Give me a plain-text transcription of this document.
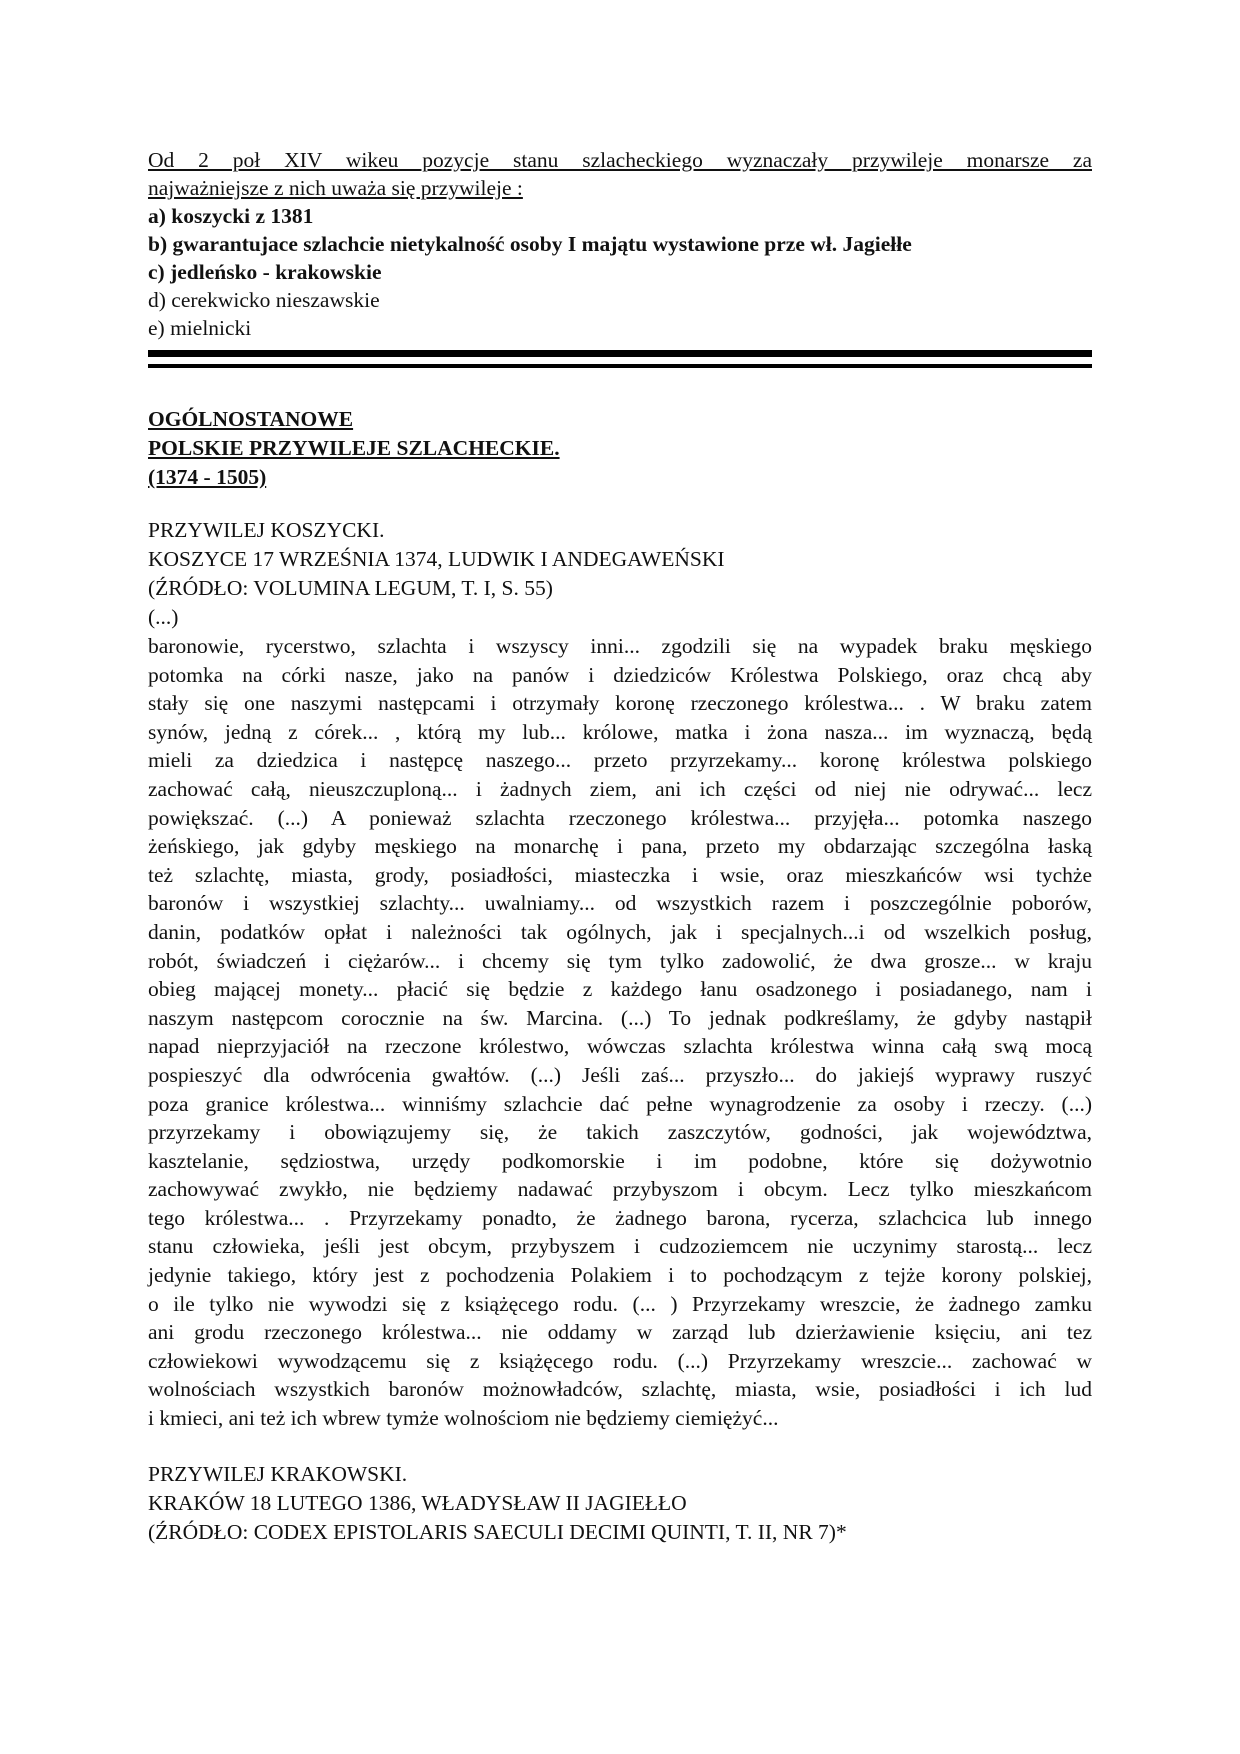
Od 2 poł XIV wikeu pozycje stanu szlacheckiego wyznaczały przywileje monarsze za
najważniejsze z nich uważa się przywileje :

a) koszycki z 1381

b) gwarantujace szlachcie nietykalność osoby I majątu wystawione prze wł. Jagiełłe

c) jedleńsko - krakowskie

d) cerekwicko nieszawskie

e) mielnicki

OGÓLNOSTANOWE
POLSKIE PRZYWILEJE SZLACHECKIE.
(1374 - 1505)
PRZYWILEJ KOSZYCKI.
KOSZYCE 17 WRZEŚNIA 1374, LUDWIK I ANDEGAWEŃSKI
(ŹRÓDŁO: VOLUMINA LEGUM, T. I, S. 55)
(...)
baronowie, rycerstwo, szlachta i wszyscy inni... zgodzili się na wypadek braku męskiego
potomka na córki nasze, jako na panów i dziedziców Królestwa Polskiego, oraz chcą aby
stały się one naszymi następcami i otrzymały koronę rzeczonego królestwa... . W braku zatem
synów, jedną z córek... , którą my lub... królowe, matka i żona nasza... im wyznaczą, będą
mieli za dziedzica i następcę naszego... przeto przyrzekamy... koronę królestwa polskiego
zachować całą, nieuszczuploną... i żadnych ziem, ani ich części od niej nie odrywać... lecz
powiększać. (...) A ponieważ szlachta rzeczonego królestwa... przyjęła... potomka naszego
żeńskiego, jak gdyby męskiego na monarchę i pana, przeto my obdarzając szczególna łaską
też szlachtę, miasta, grody, posiadłości, miasteczka i wsie, oraz mieszkańców wsi tychże
baronów i wszystkiej szlachty... uwalniamy... od wszystkich razem i poszczególnie poborów,
danin, podatków opłat i należności tak ogólnych, jak i specjalnych...i od wszelkich posług,
robót, świadczeń i ciężarów... i chcemy się tym tylko zadowolić, że dwa grosze... w kraju
obieg mającej monety... płacić się będzie z każdego łanu osadzonego i posiadanego, nam i
naszym następcom corocznie na św. Marcina. (...) To jednak podkreślamy, że gdyby nastąpił
napad nieprzyjaciół na rzeczone królestwo, wówczas szlachta królestwa winna całą swą mocą
pospieszyć dla odwrócenia gwałtów. (...) Jeśli zaś... przyszło... do jakiejś wyprawy ruszyć
poza granice królestwa... winniśmy szlachcie dać pełne wynagrodzenie za osoby i rzeczy. (...)
przyrzekamy i obowiązujemy się, że takich zaszczytów, godności, jak województwa,
kasztelanie, sędziostwa, urzędy podkomorskie i im podobne, które się dożywotnio
zachowywać zwykło, nie będziemy nadawać przybyszom i obcym. Lecz tylko mieszkańcom
tego królestwa... . Przyrzekamy ponadto, że żadnego barona, rycerza, szlachcica lub innego
stanu człowieka, jeśli jest obcym, przybyszem i cudzoziemcem nie uczynimy starostą... lecz
jedynie takiego, który jest z pochodzenia Polakiem i to pochodzącym z tejże korony polskiej,
o ile tylko nie wywodzi się z książęcego rodu. (... ) Przyrzekamy wreszcie, że żadnego zamku
ani grodu rzeczonego królestwa... nie oddamy w zarząd lub dzierżawienie księciu, ani tez
człowiekowi wywodzącemu się z książęcego rodu. (...) Przyrzekamy wreszcie... zachować w
wolnościach wszystkich baronów możnowładców, szlachtę, miasta, wsie, posiadłości i ich lud
i kmieci, ani też ich wbrew tymże wolnościom nie będziemy ciemiężyć...
PRZYWILEJ KRAKOWSKI.
KRAKÓW 18 LUTEGO 1386, WŁADYSŁAW II JAGIEŁŁO
(ŹRÓDŁO: CODEX EPISTOLARIS SAECULI DECIMI QUINTI, T. II, NR 7)*
